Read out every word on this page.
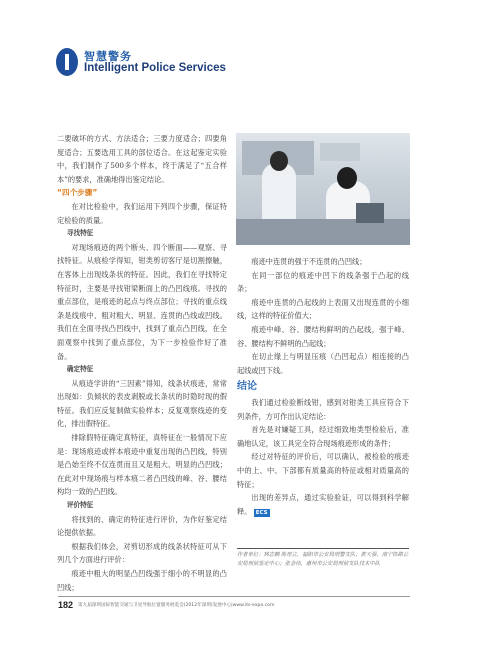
智慧警务
Intelligent Police Services

二要破坏的方式、方法适合；三要力度适合；四要角度适合；五要选用工具的部位适合。在这起鉴定实验中，我们制作了500多个样本，终于满足了“五合样本”的要求，准确地得出鉴定结论。

“四个步骤”

在对比检验中，我们运用下列四个步骤，保证特定检验的质量。

寻找特征

对现场痕迹的两个断头、四个断面——观察、寻找特征。从痕检学得知，钳类剪切客厅是切割擦触，在客体上出现线条状的特征。因此，我们在寻找特定特征时，主要是寻找钳梁断面上的凸凹线痕。寻找的重点部位，是痕迹的起点与终点部位；寻找的重点线条是线痕中、粗对粗大、明显、连贯的凸线或凹线。我们在全面寻找凸凹线中，找到了重点凸凹线，在全面观察中找到了重点部位，为下一步检验作好了准备。

确定特征

从痕迹学讲的“三因素”得知，线条状痕迹，常常出现如：负倾状的表皮剥脱或长条状的时隐时现的假特征。我们应反复制做实验样本；反复观察线迹的变化，排出假特征。

排除假特征确定真特征，真特征在一般情况下应是：现场痕迹或样本痕迹中重复出现的凸凹线，特别是凸始至终不仅连贯而且又是粗大、明显的凸凹线；在此对中现场痕与样本痕二者凸凹线的峰、谷、腰结构均一致的凸凹线。

评价特征

将找到的、确定的特征进行评价，为作好鉴定结论提供依据。

根据我们体会，对剪切形成的线条状特征可从下列几个方面进行评价：

痕迹中粗大的明显凸凹线强于细小的不明显的凸凹线；

痕迹中连贯的强于不连贯的凸凹线；

在同一部位的痕迹中凹下的线条强于凸起的线条；

痕迹中连贯的凸起线的上表面又出现连贯的小细线，这样的特征价值大；

痕迹中峰、谷、腰结构鲜明的凸起线，强于峰、谷、腰结构不鲜明的凸起线；

在切止缘上与明显压痕（凸凹起点）相连接的凸起线或凹下线。

结论

我们通过检验断线钳，感到对钳类工具应符合下列条件，方可作出认定结论：

首先是对嫌疑工具，经过细致地类型检验后，准确地认定，该工具完全符合现场痕迹形成的条件；

经过对特征的评价后，可以确认，被检验的痕迹中的上、中、下部都有质量高的特征或相对质量高的特征；

出现的差异点，通过实验验证，可以得到科学解释。 ECS

作者单位：林志鹏 陈厚立，福阳市公安局刑警支队；黄天强，南宁铁路公安局刑侦鉴定中心；张金伟，惠州市公安局刑侦支队技术中队
182 第九届深圳国际智能交通与卫星导航位置服务展览会(2012年深圳)发展中心|www.its-expo.com
